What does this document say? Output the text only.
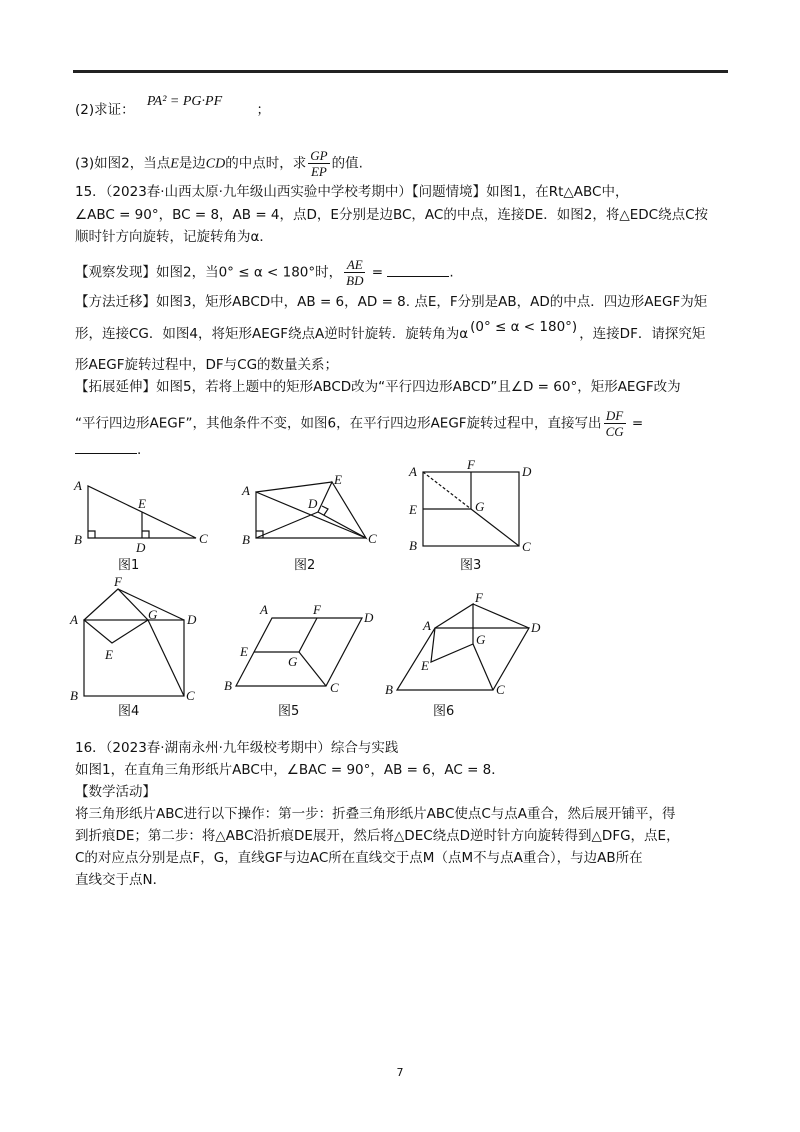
(2)求证： PA² = PG·PF ；
(3)如图2，当点E是边CD的中点时，求 $\frac{GP}{EP}$ 的值.
15．（2023春·山西太原·九年级山西实验中学校考期中）【问题情境】如图1，在Rt△ABC中，
∠ABC = 90°，BC = 8，AB = 4，点D，E分别是边BC，AC的中点，连接DE．如图2，将△EDC绕点C按
顺时针方向旋转，记旋转角为α．
【观察发现】如图2，当0° ≤ α < 180°时， $\frac{AE}{BD}$ =	.
【方法迁移】如图3，矩形ABCD中，AB = 6，AD = 8. 点E，F分别是AB，AD的中点．四边形AEGF为矩
形，连接CG．如图4，将矩形AEGF绕点A逆时针旋转．旋转角为α (0° ≤ α < 180°) ，连接DF．请探究矩
形AEGF旋转过程中，DF与CG的数量关系；
【拓展延伸】如图5，若将上题中的矩形ABCD改为“平行四边形ABCD”且∠D = 60°，矩形AEGF改为
“平行四边形AEGF”，其他条件不变，如图6，在平行四边形AEGF旋转过程中，直接写出 $\frac{DF}{CG}$ =
.
A
B	C
E
D
图1
A
B	C
D
E
图2
A
B	C
D
E
F
G
图3
A
B	C
D
E
F
G
图4
A
B	C
D
E
F
G
图5
A
B	C
D
E
F
G
图6
16．（2023春·湖南永州·九年级校考期中）综合与实践
如图1，在直角三角形纸片ABC中，∠BAC = 90°，AB = 6，AC = 8．
【数学活动】
将三角形纸片ABC进行以下操作：第一步：折叠三角形纸片ABC使点C与点A重合，然后展开铺平，得
到折痕DE；第二步：将△ABC沿折痕DE展开，然后将△DEC绕点D逆时针方向旋转得到△DFG，点E，
C的对应点分别是点F，G，直线GF与边AC所在直线交于点M（点M不与点A重合），与边AB所在
直线交于点N．
7
